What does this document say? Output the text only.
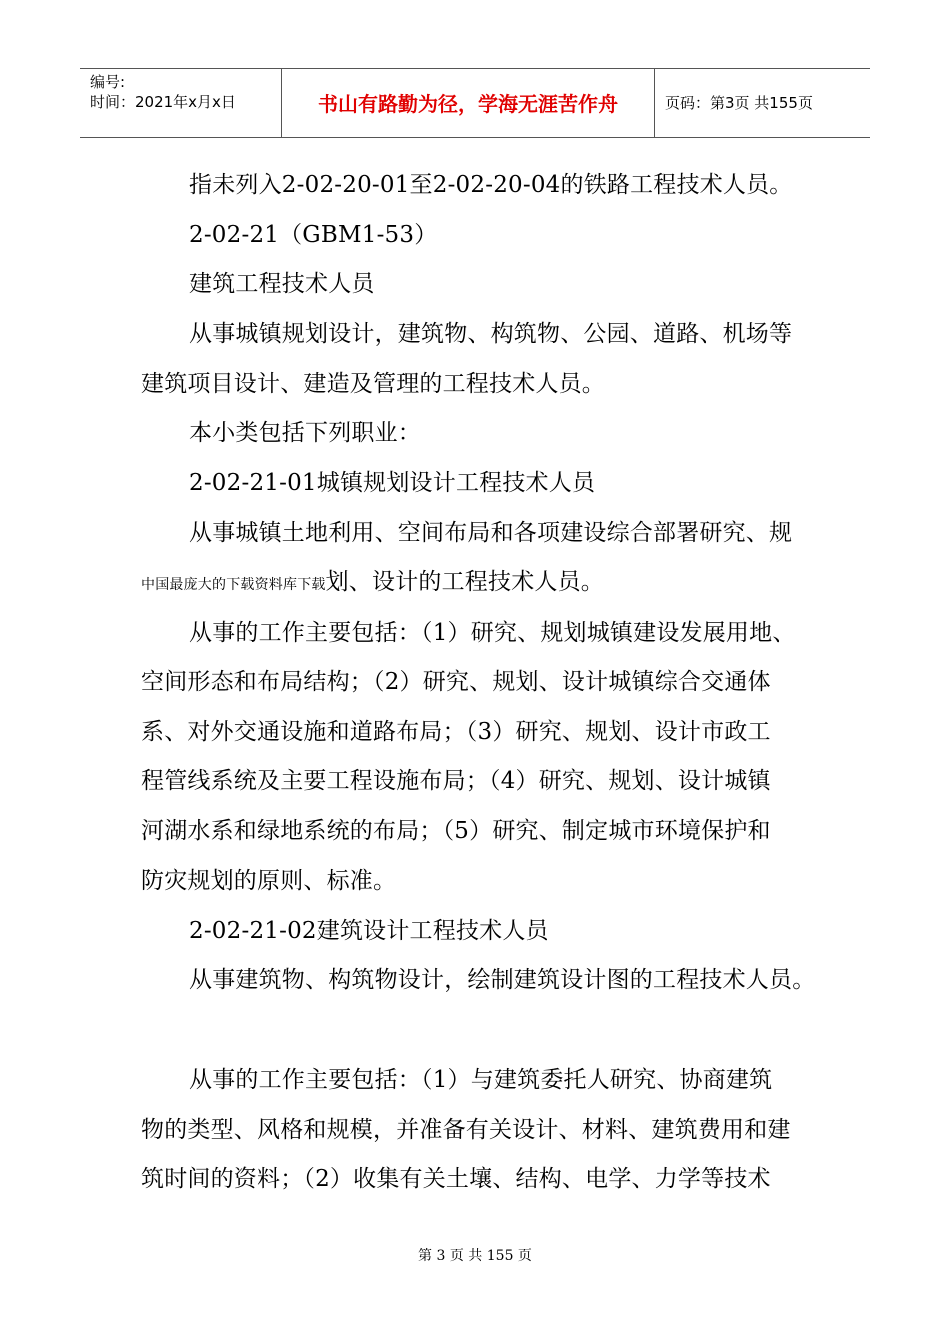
编号:
时间：2021年x月x日	书山有路勤为径，学海无涯苦作舟	页码：第3页 共155页
指未列入2-02-20-01至2-02-20-04的铁路工程技术人员。
2-02-21（GBM1-53）
建筑工程技术人员
从事城镇规划设计，建筑物、构筑物、公园、道路、机场等
建筑项目设计、建造及管理的工程技术人员。
本小类包括下列职业：
2-02-21-01城镇规划设计工程技术人员
从事城镇土地利用、空间布局和各项建设综合部署研究、规
中国最庞大的下载资料库下载划、设计的工程技术人员。
从事的工作主要包括：（1）研究、规划城镇建设发展用地、
空间形态和布局结构；（2）研究、规划、设计城镇综合交通体
系、对外交通设施和道路布局；（3）研究、规划、设计市政工
程管线系统及主要工程设施布局；（4）研究、规划、设计城镇
河湖水系和绿地系统的布局；（5）研究、制定城市环境保护和
防灾规划的原则、标准。
2-02-21-02建筑设计工程技术人员
从事建筑物、构筑物设计，绘制建筑设计图的工程技术人员。
从事的工作主要包括：（1）与建筑委托人研究、协商建筑
物的类型、风格和规模，并准备有关设计、材料、建筑费用和建
筑时间的资料；（2）收集有关土壤、结构、电学、力学等技术
第 3 页 共 155 页
